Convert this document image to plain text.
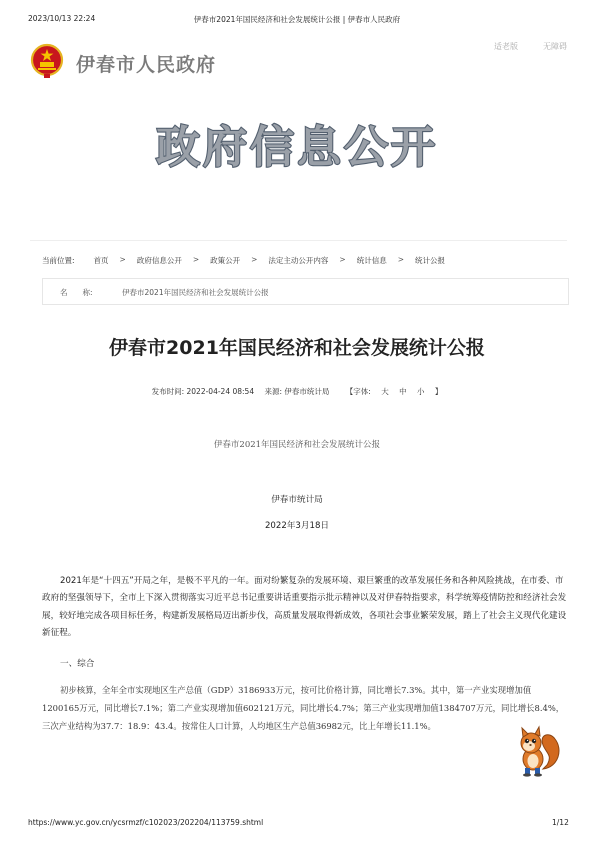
2023/10/13 22:24	伊春市2021年国民经济和社会发展统计公报 | 伊春市人民政府
伊春市人民政府
适老版	无障碍
政府信息公开
当前位置:	首页 > 政府信息公开 > 政策公开 > 法定主动公开内容 > 统计信息 > 统计公报
名　　称:	伊春市2021年国民经济和社会发展统计公报
伊春市2021年国民经济和社会发展统计公报
发布时间: 2022-04-24 08:54 来源: 伊春市统计局 【字体: 大 中 小 】
伊春市2021年国民经济和社会发展统计公报
伊春市统计局
2022年3月18日

2021年是“十四五”开局之年，是极不平凡的一年。面对纷繁复杂的发展环境、艰巨繁重的改革发展任务和各种风险挑战，在市委、市政府的坚强领导下，全市上下深入贯彻落实习近平总书记重要讲话重要指示批示精神以及对伊春特指要求，科学统筹疫情防控和经济社会发展，较好地完成各项目标任务，构建新发展格局迈出新步伐，高质量发展取得新成效，各项社会事业繁荣发展，踏上了社会主义现代化建设新征程。

一、综合

初步核算，全年全市实现地区生产总值（GDP）3186933万元，按可比价格计算，同比增长7.3%。其中，第一产业实现增加值1200165万元，同比增长7.1%；第二产业实现增加值602121万元，同比增长4.7%；第三产业实现增加值1384707万元，同比增长8.4%，三次产业结构为37.7：18.9：43.4。按常住人口计算，人均地区生产总值36982元，比上年增长11.1%。

https://www.yc.gov.cn/ycsrmzf/c102023/202204/113759.shtml	1/12
